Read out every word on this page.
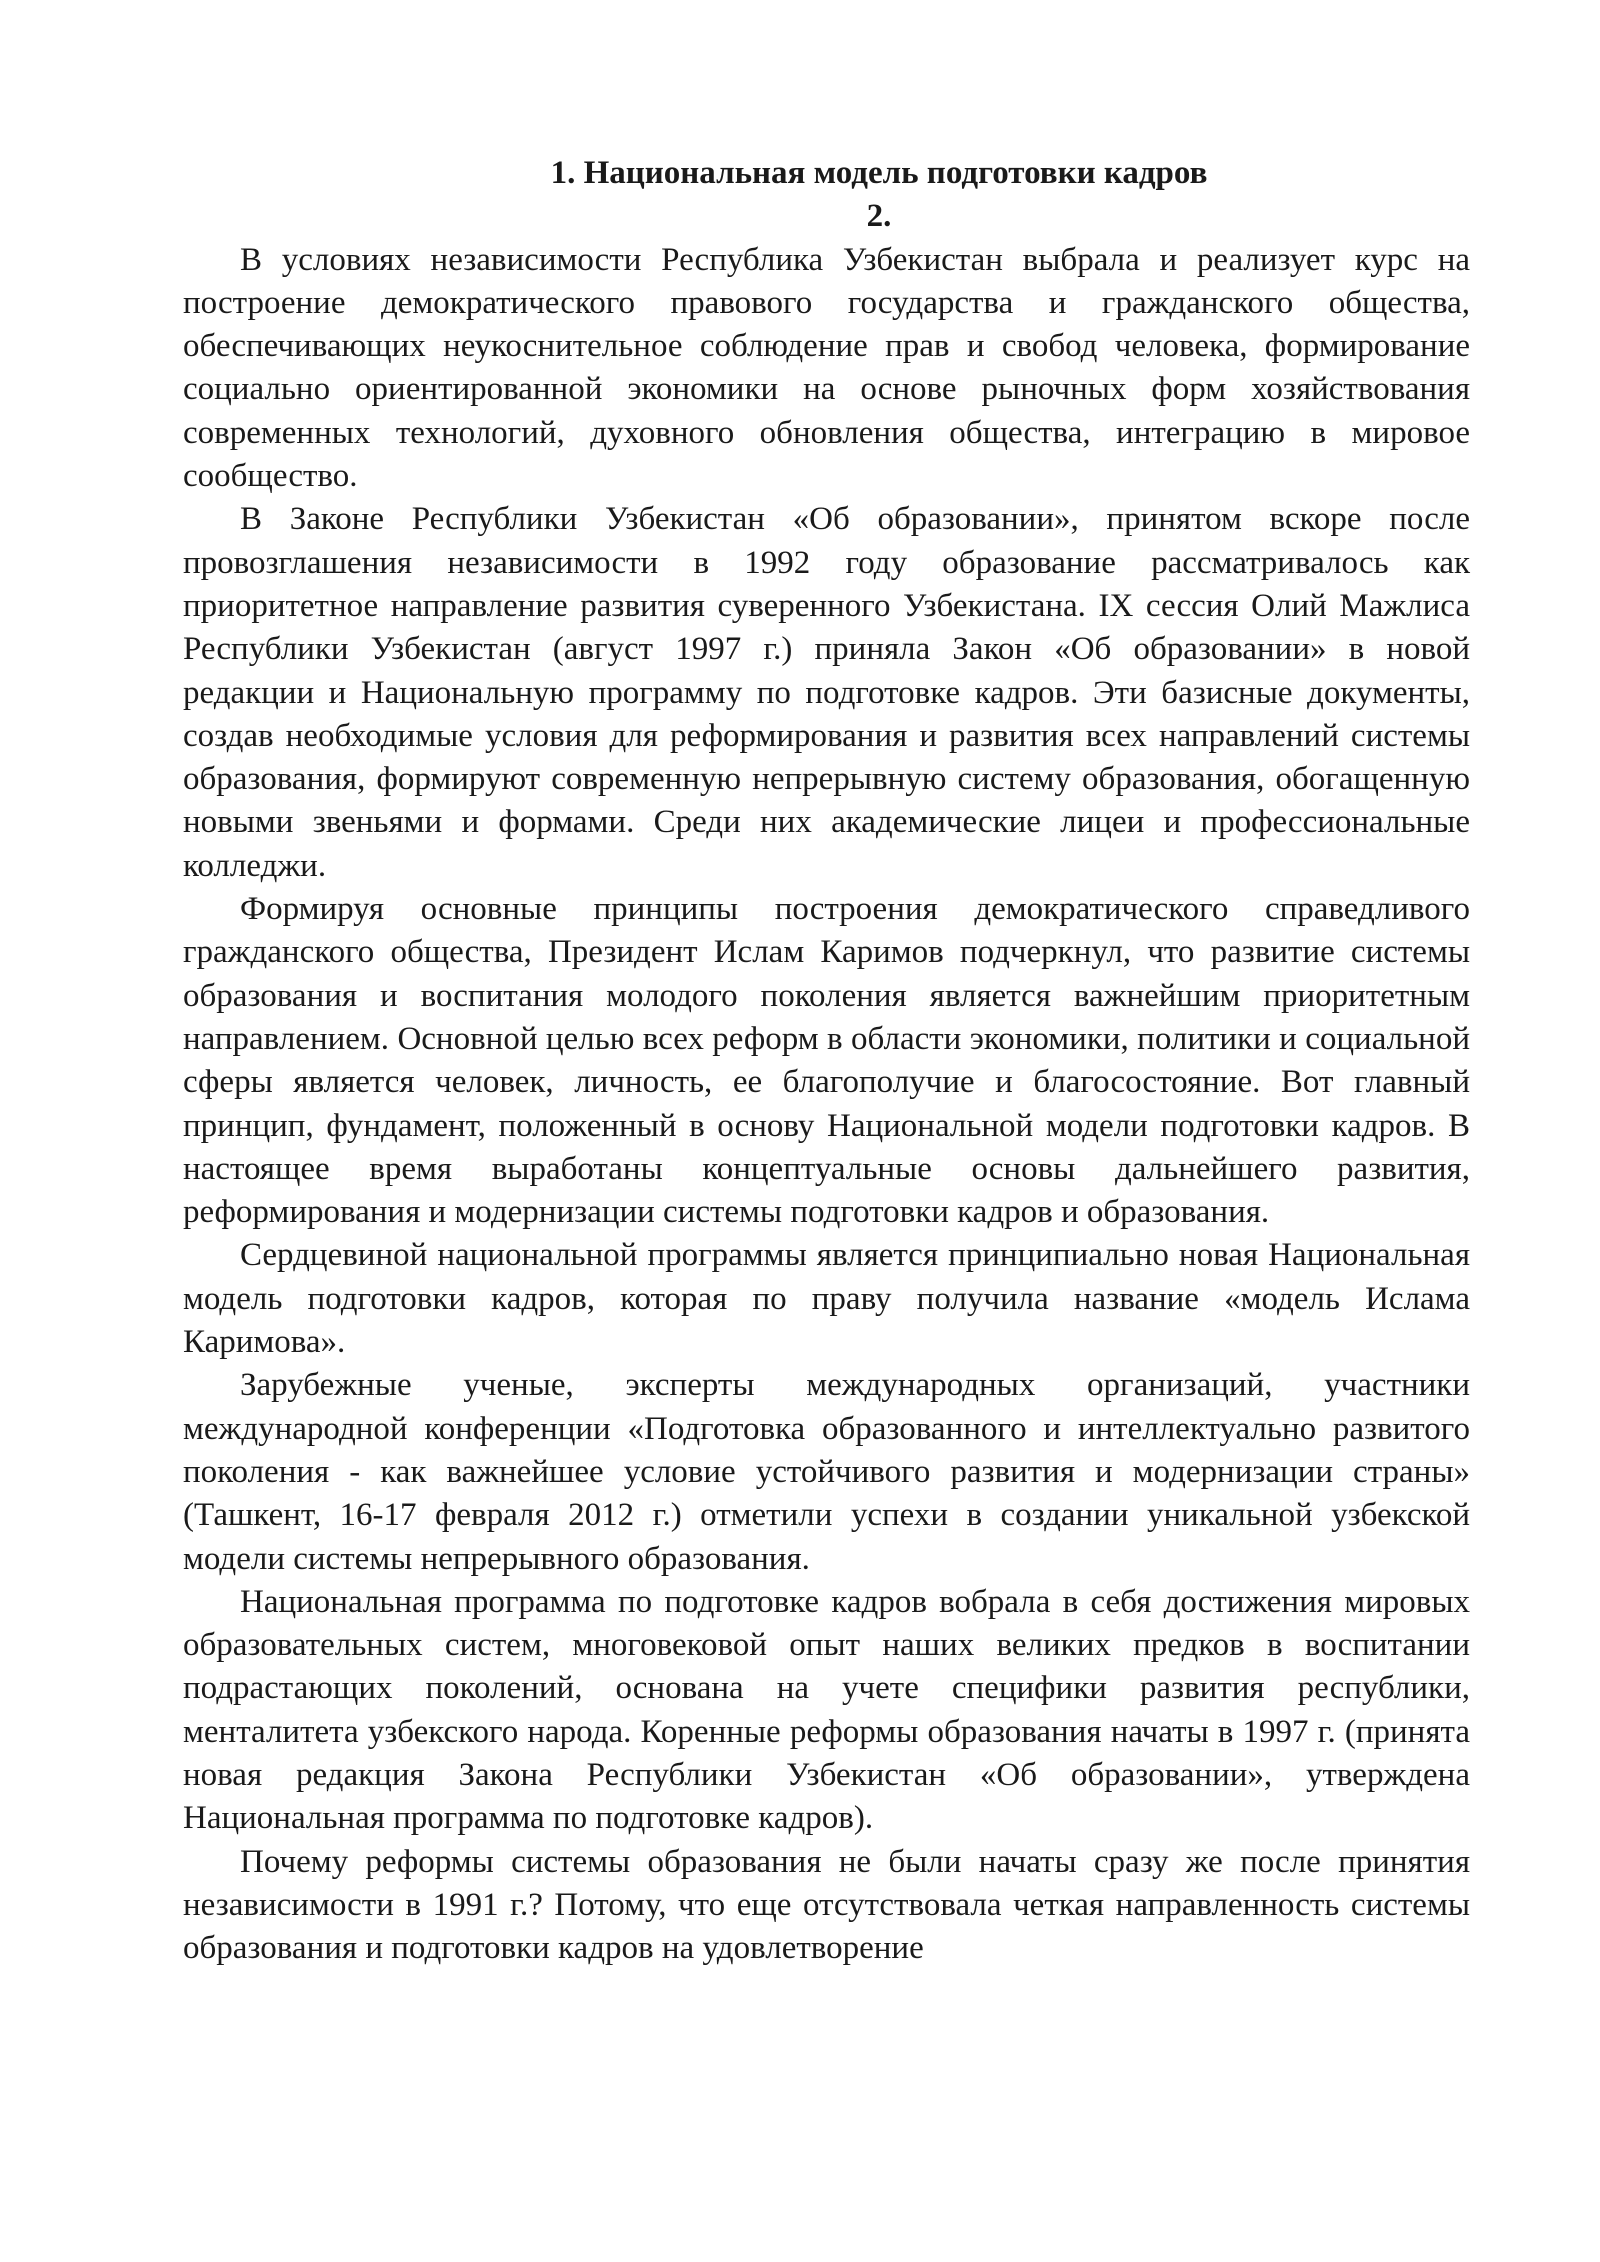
1. Национальная модель подготовки кадров

2.

В условиях независимости Республика Узбекистан выбрала и реализует курс на построение демократического правового государства и гражданского общества, обеспечивающих неукоснительное соблюдение прав и свобод человека, формирование социально ориентированной экономики на основе рыночных форм хозяйствования современных технологий, духовного обновления общества, интеграцию в мировое сообщество.

В Законе Республики Узбекистан «Об образовании», принятом вскоре после провозглашения независимости в 1992 году образование рассматривалось как приоритетное направление развития суверенного Узбекистана. IX сессия Олий Мажлиса Республики Узбекистан (август 1997 г.) приняла Закон «Об образовании» в новой редакции и Национальную программу по подготовке кадров. Эти базисные документы, создав необходимые условия для реформирования и развития всех направлений системы образования, формируют современную непрерывную систему образования, обогащенную новыми звеньями и формами. Среди них академические лицеи и профессиональные колледжи.

Формируя основные принципы построения демократического справедливого гражданского общества, Президент Ислам Каримов подчеркнул, что развитие системы образования и воспитания молодого поколения является важнейшим приоритетным направлением. Основной целью всех реформ в области экономики, политики и социальной сферы является человек, личность, ее благополучие и благосостояние. Вот главный принцип, фундамент, положенный в основу Национальной модели подготовки кадров. В настоящее время выработаны концептуальные основы дальнейшего развития, реформирования и модернизации системы подготовки кадров и образования.

Сердцевиной национальной программы является принципиально новая Национальная модель подготовки кадров, которая по праву получила название «модель Ислама Каримова».

Зарубежные ученые, эксперты международных организаций, участники международной конференции «Подготовка образованного и интеллектуально развитого поколения - как важнейшее условие устойчивого развития и модернизации страны» (Ташкент, 16-17 февраля 2012 г.) отметили успехи в создании уникальной узбекской модели системы непрерывного образования.

Национальная программа по подготовке кадров вобрала в себя достижения мировых образовательных систем, многовековой опыт наших великих предков в воспитании подрастающих поколений, основана на учете специфики развития республики, менталитета узбекского народа. Коренные реформы образования начаты в 1997 г. (принята новая редакция Закона Республики Узбекистан «Об образовании», утверждена Национальная программа по подготовке кадров).

Почему реформы системы образования не были начаты сразу же после принятия независимости в 1991 г.? Потому, что еще отсутствовала четкая направленность системы образования и подготовки кадров на удовлетворение
